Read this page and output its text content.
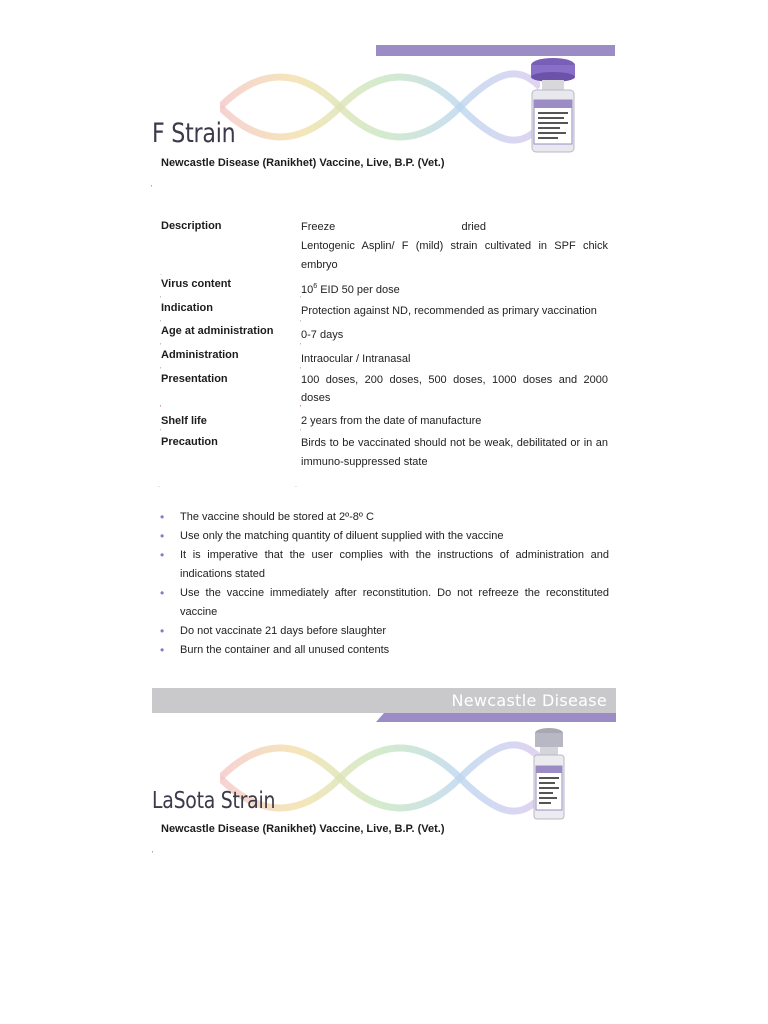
F Strain
Newcastle Disease (Ranikhet) Vaccine, Live, B.P. (Vet.)
'
Description	Freeze	dried
Lentogenic Asplin/ F (mild) strain cultivated in SPF chick embryo
.
Virus content	$10^6$ EID 50 per dose
'	'
Indication	Protection against ND, recommended as primary vaccination
'	'
Age at administration	0-7 days
'	'
Administration	Intraocular / Intranasal
'	'
Presentation	100 doses, 200 doses, 500 doses, 1000 doses and 2000 doses
'	'
Shelf life	2 years from the date of manufacture
'	'
Precaution	Birds to be vaccinated should not be weak, debilitated or in an immuno-suppressed state
.	.
• The vaccine should be stored at 2º-8º C
• Use only the matching quantity of diluent supplied with the vaccine
• It is imperative that the user complies with the instructions of administration and indications stated
• Use the vaccine immediately after reconstitution. Do not refreeze the reconstituted vaccine
• Do not vaccinate 21 days before slaughter
• Burn the container and all unused contents
Newcastle Disease
LaSota Strain
Newcastle Disease (Ranikhet) Vaccine, Live, B.P. (Vet.)
'
